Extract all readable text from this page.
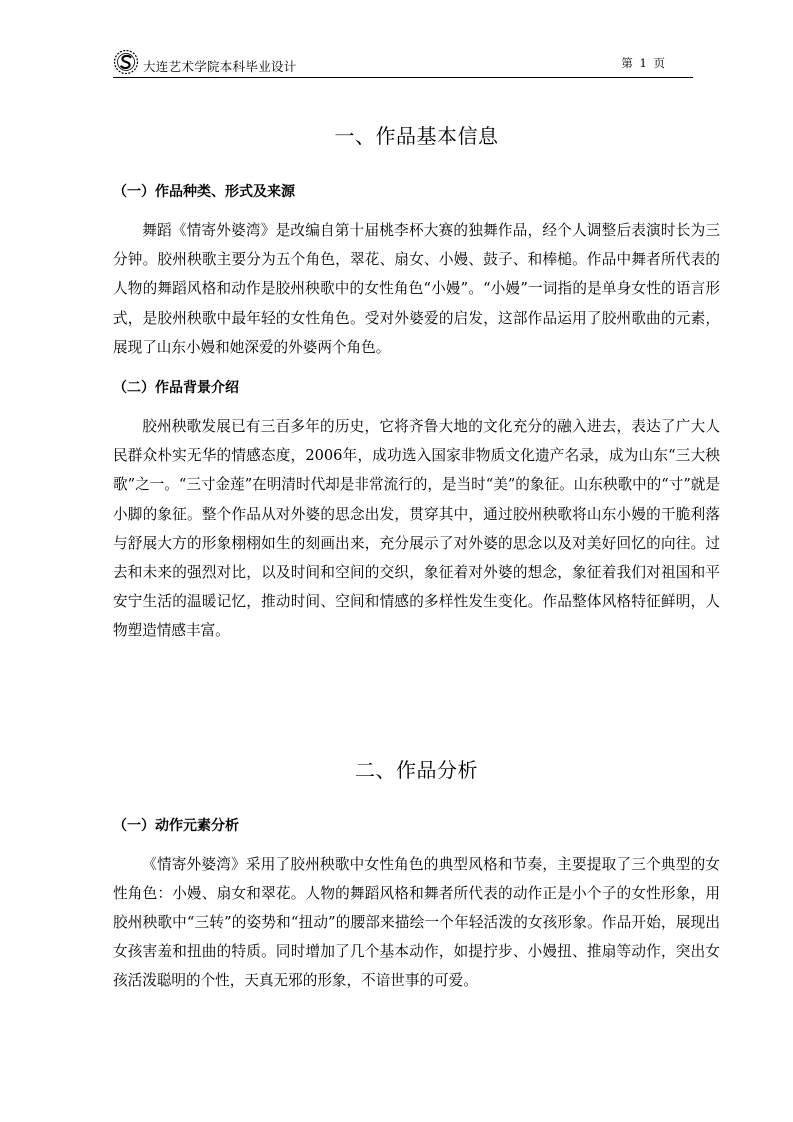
大连艺术学院本科毕业设计	第 1 页
一、作品基本信息
（一）作品种类、形式及来源

舞蹈《情寄外婆湾》是改编自第十届桃李杯大赛的独舞作品，经个人调整后表演时长为三分钟。胶州秧歌主要分为五个角色，翠花、扇女、小嫚、鼓子、和棒槌。作品中舞者所代表的人物的舞蹈风格和动作是胶州秧歌中的女性角色“小嫚”。“小嫚”一词指的是单身女性的语言形式，是胶州秧歌中最年轻的女性角色。受对外婆爱的启发，这部作品运用了胶州歌曲的元素，展现了山东小嫚和她深爱的外婆两个角色。

（二）作品背景介绍

胶州秧歌发展已有三百多年的历史，它将齐鲁大地的文化充分的融入进去，表达了广大人民群众朴实无华的情感态度，2006年，成功选入国家非物质文化遗产名录，成为山东“三大秧歌”之一。“三寸金莲”在明清时代却是非常流行的，是当时“美”的象征。山东秧歌中的“寸”就是小脚的象征。整个作品从对外婆的思念出发，贯穿其中，通过胶州秧歌将山东小嫚的干脆利落与舒展大方的形象栩栩如生的刻画出来，充分展示了对外婆的思念以及对美好回忆的向往。过去和未来的强烈对比，以及时间和空间的交织，象征着对外婆的想念，象征着我们对祖国和平安宁生活的温暖记忆，推动时间、空间和情感的多样性发生变化。作品整体风格特征鲜明，人物塑造情感丰富。

二、作品分析
（一）动作元素分析

《情寄外婆湾》采用了胶州秧歌中女性角色的典型风格和节奏，主要提取了三个典型的女性角色：小嫚、扇女和翠花。人物的舞蹈风格和舞者所代表的动作正是小个子的女性形象，用胶州秧歌中“三转”的姿势和“扭动”的腰部来描绘一个年轻活泼的女孩形象。作品开始，展现出女孩害羞和扭曲的特质。同时增加了几个基本动作，如提拧步、小嫚扭、推扇等动作，突出女孩活泼聪明的个性，天真无邪的形象，不谙世事的可爱。
